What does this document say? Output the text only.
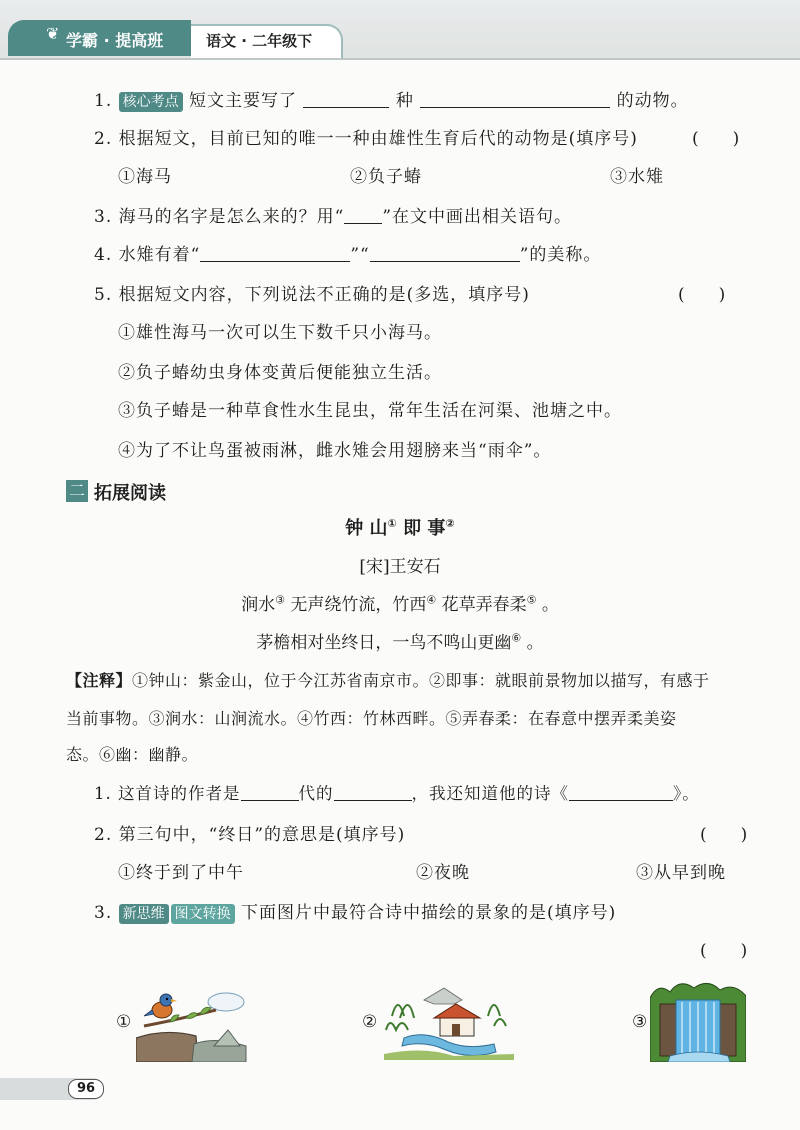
❦ 学霸 · 提高班	语文 · 二年级下
1. 核心考点 短文主要写了	种	的动物。
2. 根据短文，目前已知的唯一一种由雄性生育后代的动物是(填序号)	(　　)
①海马	②负子蝽	③水雉
3. 海马的名字是怎么来的？用“ ”在文中画出相关语句。
4. 水雉有着“	”“	”的美称。
5. 根据短文内容，下列说法不正确的是(多选，填序号)	(　　)
①雄性海马一次可以生下数千只小海马。
②负子蝽幼虫身体变黄后便能独立生活。
③负子蝽是一种草食性水生昆虫，常年生活在河渠、池塘之中。
④为了不让鸟蛋被雨淋，雌水雉会用翅膀来当“雨伞”。
二 拓展阅读
钟 山① 即 事②
[宋]王安石
涧水③ 无声绕竹流，竹西④ 花草弄春柔⑤ 。
茅檐相对坐终日，一鸟不鸣山更幽⑥ 。
【注释】①钟山：紫金山，位于今江苏省南京市。②即事：就眼前景物加以描写，有感于
当前事物。③涧水：山涧流水。④竹西：竹林西畔。⑤弄春柔：在春意中摆弄柔美姿
态。⑥幽：幽静。
1. 这首诗的作者是	代的	，我还知道他的诗《	》。
2. 第三句中，“终日”的意思是(填序号)	(　　)
①终于到了中午	②夜晚	③从早到晚
3. 新思维 图文转换 下面图片中最符合诗中描绘的景象的是(填序号)
(　　)
①	②	③
96
